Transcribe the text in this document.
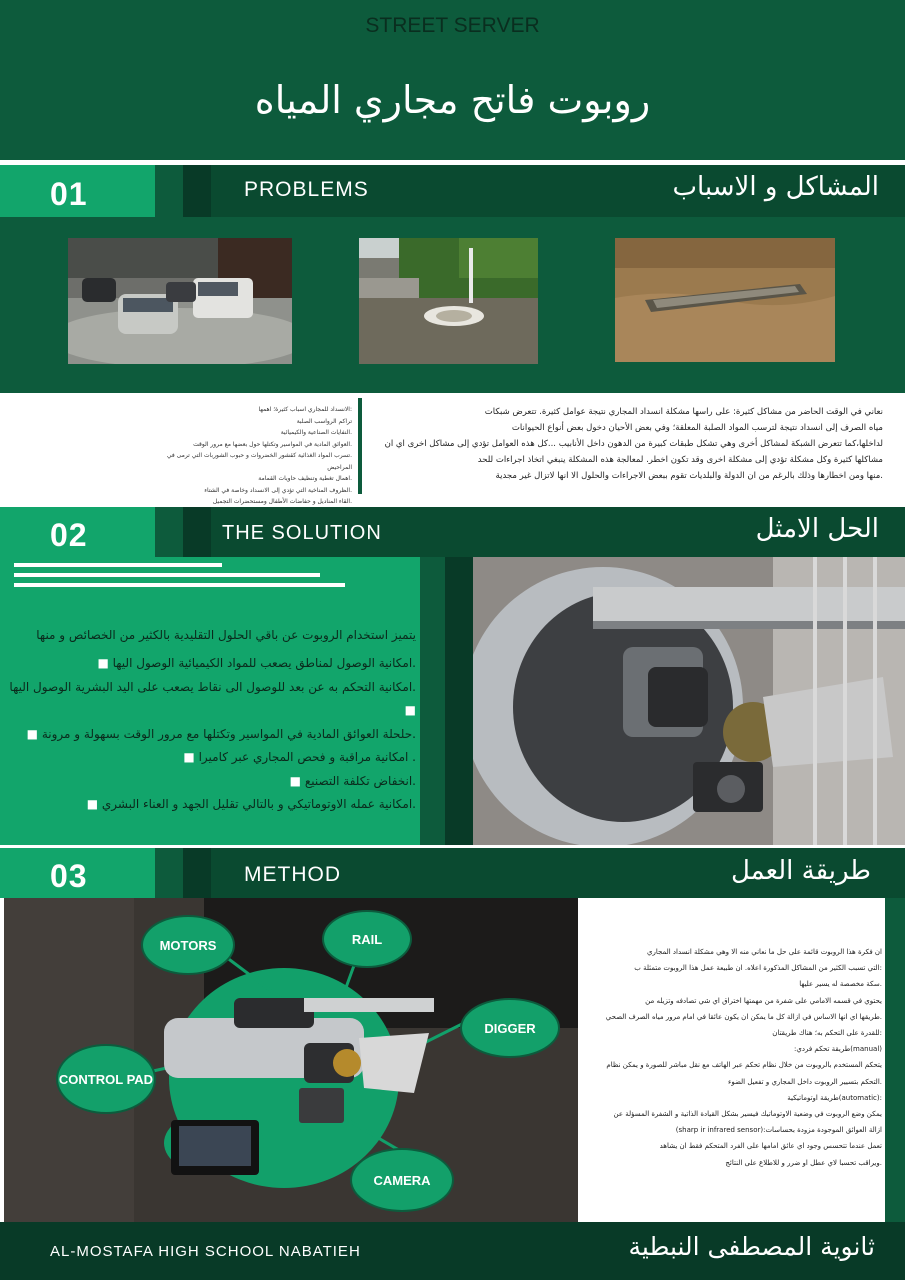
STREET SERVER
روبوت فاتح مجاري المياه
01	PROBLEMS	المشاكل و الاسباب
نعاني في الوقت الحاضر من مشاكل كثيرة: على راسها مشكلة انسداد المجاري نتيجة عوامل كثيرة. تتعرض شبكات
مياه الصرف إلى انسداد نتيجة لترسب المواد الصلبة المعلقة؛ وفي بعض الأحيان دخول بعض أنواع الحيوانات
لداخلها،كما تتعرض الشبكة لمشاكل أخرى وهي تشكل طبقات كبيرة من الدهون داخل الأنابيب ...كل هذه العوامل تؤدي إلى مشاكل اخرى اي ان
مشاكلها كثيرة وكل مشكلة تؤدي إلى مشكلة اخرى وقد تكون اخطر. لمعالجة هذه المشكلة ينبغي اتخاذ اجراءات للحد
.منها ومن اخطارها وذلك بالرغم من ان الدولة والبلديات تقوم ببعض الاجراءات والحلول الا انها لاتزال غير مجدية
:الانسداد للمجاري اسباب كثيرة؛ اهمها
تراكم الرواسب الصلبة
.النفايات الصناعية والكيميائية
.العوائق المادية في المواسير وتكتلها حول بعضها مع مرور الوقت
.تسرب المواد الغذائية كقشور الخضروات و حبوب الشوربات التي ترمى في المراحيض
.اهمال تغطية وتنظيف حاويات القمامة
.الظروف المناخية التي تؤدي إلى الانسداد وخاصة في الشتاء
.القاء المناديل و حفاضات الأطفال ومستحضرات التجميل
02	THE SOLUTION	الحل الامثل
يتميز استخدام الروبوت عن باقي الحلول التقليدية بالكثير من الخصائص و منها
.امكانية الوصول لمناطق يصعب للمواد الكيميائية الوصول اليها ■
.امكانية التحكم به عن بعد للوصول الى نقاط يصعب على اليد البشرية الوصول اليها ■
.حلحلة العوائق المادية في المواسير وتكتلها مع مرور الوقت بسهولة و مرونة ■
. امكانية مراقبة و فحص المجاري عبر كاميرا ■
.انخفاض تكلفة التصنيع ■
.امكانية عمله الاوتوماتيكي و بالتالي تقليل الجهد و العناء البشري ■
03	METHOD	طريقة العمل
MOTORS	RAIL
DIGGER
CONTROL PAD
CAMERA
ان فكرة هذا الروبوت قائمة على حل ما نعاني منه الا وهي مشكلة انسداد المجاري
:التي تسبب الكثير من المشاكل المذكورة اعلاه. ان طبيعة عمل هذا الروبوت متمثلة ب
.سكة مخصصة له يسير عليها
يحتوي في قسمه الامامي على شفرة من مهمتها اختراق اي شي تصادفه وتزيله من
.طريقها اي انها الاساس في ازالة كل ما يمكن ان يكون عائقا في امام مرور مياه الصرف الصحي
:للقدرة على التحكم به؛ هناك طريقتان
(manual)طريقة تحكم فردي:
يتحكم المستخدم بالروبوت من خلال نظام تحكم عبر الهاتف مع نقل مباشر للصورة و يمكن نظام
.التحكم بتسيير الروبوت داخل المجاري و تفعيل الضوء
:(automatic)طريقة اوتوماتيكية
يمكن وضع الروبوت في وضعية الاوتوماتيك فيسير بشكل القيادة الذاتية و الشفرة المسؤلة عن
ازالة العوائق الموجودة مزودة بحساسات:(sharp ir infrared sensor)
تعمل عندما تتحسس وجود اي عائق امامها على الفرد المتحكم فقط ان يشاهد
.ويراقب تحسبا لاي عطل او ضرر و للاطلاع على النتائج
AL-MOSTAFA HIGH SCHOOL NABATIEH	ثانوية المصطفى النبطية
